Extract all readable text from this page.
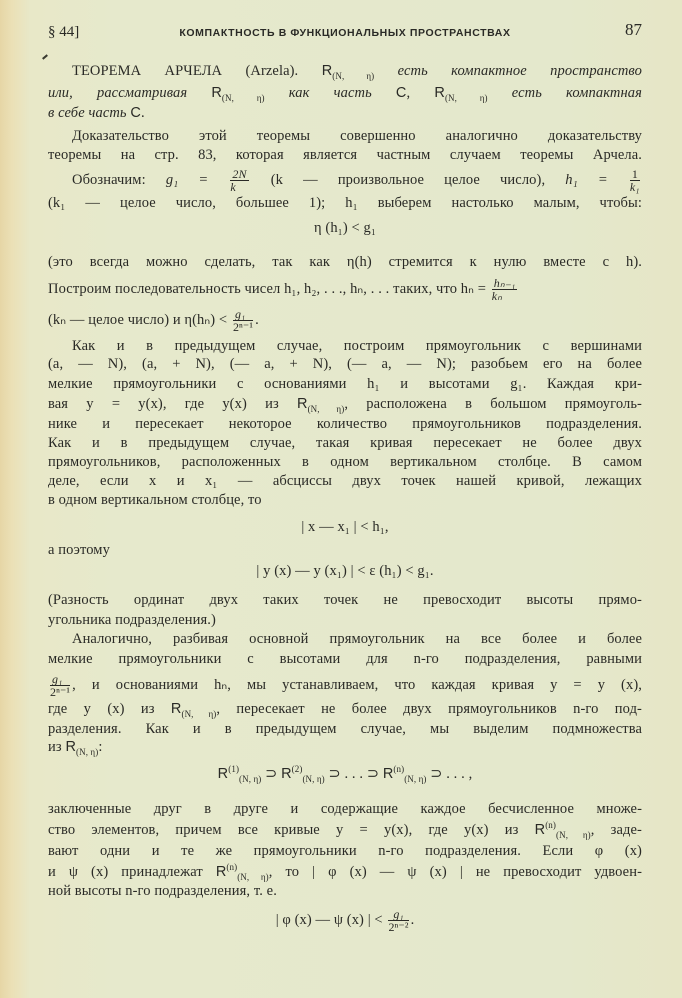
§ 44]	КОМПАКТНОСТЬ В ФУНКЦИОНАЛЬНЫХ ПРОСТРАНСТВАХ	87
ТЕОРЕМА АРЧЕЛА (Arzela). $R_{(N, \eta)}$ есть компактное пространство
или, рассматривая $R_{(N, \eta)}$ как часть C, $R_{(N, \eta)}$ есть компактная
в себе часть C.
Доказательство этой теоремы совершенно аналогично доказательству
теоремы на стр. 83, которая является частным случаем теоремы Арчела.
Обозначим: $g_1 = \frac{2N}{k} (k$ — произвольное целое число), $h_1 = \frac{1}{\text{k₁}}$
(k₁ — целое число, большее 1); h₁ выберем настолько малым, чтобы:
η (h₁) < g₁
(это всегда можно сделать, так как η(h) стремится к нулю вместе с h).
Построим последовательность чисел h₁, h₂, . . ., hₙ, . . . таких, что $h_n = \frac{\text{hₙ₋₁}}{\text{kₙ}}$
(kₙ — целое число) и $\eta(h_n) < \frac{\text{g₁}}{\text{2ⁿ⁻¹}}$ .
Как и в предыдущем случае, построим прямоугольник с вершинами
(a, — N), (a, + N), (— a, + N), (— a, — N); разобьем его на более
мелкие прямоугольники с основаниями h₁ и высотами g₁. Каждая кри-
вая y = y(x), где y(x) из $R_{(N, \eta)}$, расположена в большом прямоуголь-
нике и пересекает некоторое количество прямоугольников подразделения.
Как и в предыдущем случае, такая кривая пересекает не более двух
прямоугольников, расположенных в одном вертикальном столбце. В самом
деле, если x и x₁ — абсциссы двух точек нашей кривой, лежащих
в одном вертикальном столбце, то
| x — x₁ | < h₁,
а поэтому
| y (x) — y (x₁) | < ε (h₁) < g₁.
(Разность ординат двух таких точек не превосходит высоты прямо-
угольника подразделения.)
Аналогично, разбивая основной прямоугольник на все более и более
мелкие прямоугольники с высотами для n-го подразделения, равными
$\frac{\text{g₁}}{\text{2ⁿ⁻¹}}$ , и основаниями hₙ, мы устанавливаем, что каждая кривая y = y (x),
где y (x) из $R_{(N, \eta)}$, пересекает не более двух прямоугольников n-го под-
разделения. Как и в предыдущем случае, мы выделим подмножества
из $R_{(N, \eta)}$:
$R^{(1)}_{(N, \eta)}$ ⊃ $R^{(2)}_{(N, \eta)}$ ⊃ . . . ⊃ $R^{(n)}_{(N, \eta)}$ ⊃ . . . ,
заключенные друг в друге и содержащие каждое бесчисленное множе-
ство элементов, причем все кривые y = y(x), где y(x) из $R^{(n)}_{(N, \eta)}$, заде-
вают одни и те же прямоугольники n-го подразделения. Если φ (x)
и ψ (x) принадлежат $R^{(n)}_{(N, \eta)}$, то | φ (x) — ψ (x) | не превосходит удвоен-
ной высоты n-го подразделения, т. е.
| φ (x) — ψ (x) | < $\frac{\text{g₁}}{\text{2ⁿ⁻²}}$ .
